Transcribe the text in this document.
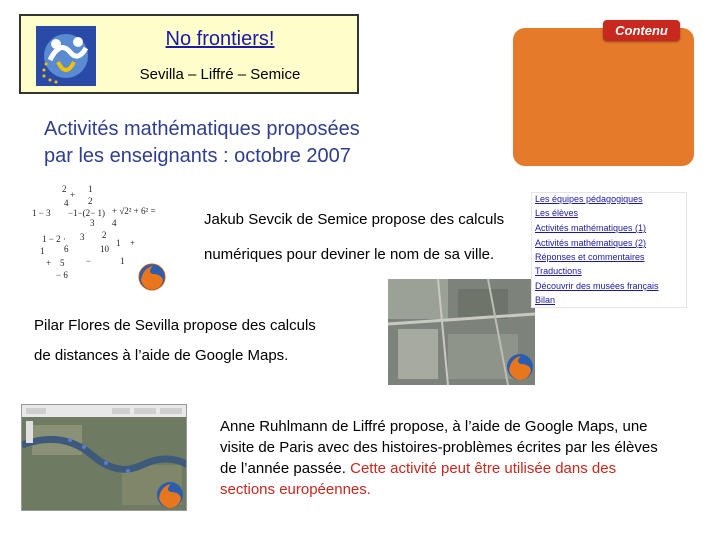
No frontiers!
Sevilla – Liffré – Semice
Contenu
Activités mathématiques proposées
par les enseignants : octobre 2007
2
+
1
4 2
1 − 3 −1−(2− 1) + √2² + 6² =
3 4
1 − 2 · 3 2
1 +
1 6	10
+ 5 −	1
− 6
Jakub Sevcik de Semice propose des calculs
numériques pour deviner le nom de sa ville.
Les équipes pédagogiques
Les élèves
Activités mathématiques (1)
Activités mathématiques (2)
Réponses et commentaires
Traductions
Découvrir des musées français
Bilan
Pilar Flores de Sevilla propose des calculs
de distances à l’aide de Google Maps.
Anne Ruhlmann de Liffré propose, à l’aide de Google Maps, une visite de Paris avec des histoires-problèmes écrites par les élèves de l’année passée. Cette activité peut être utilisée dans des sections européennes.
